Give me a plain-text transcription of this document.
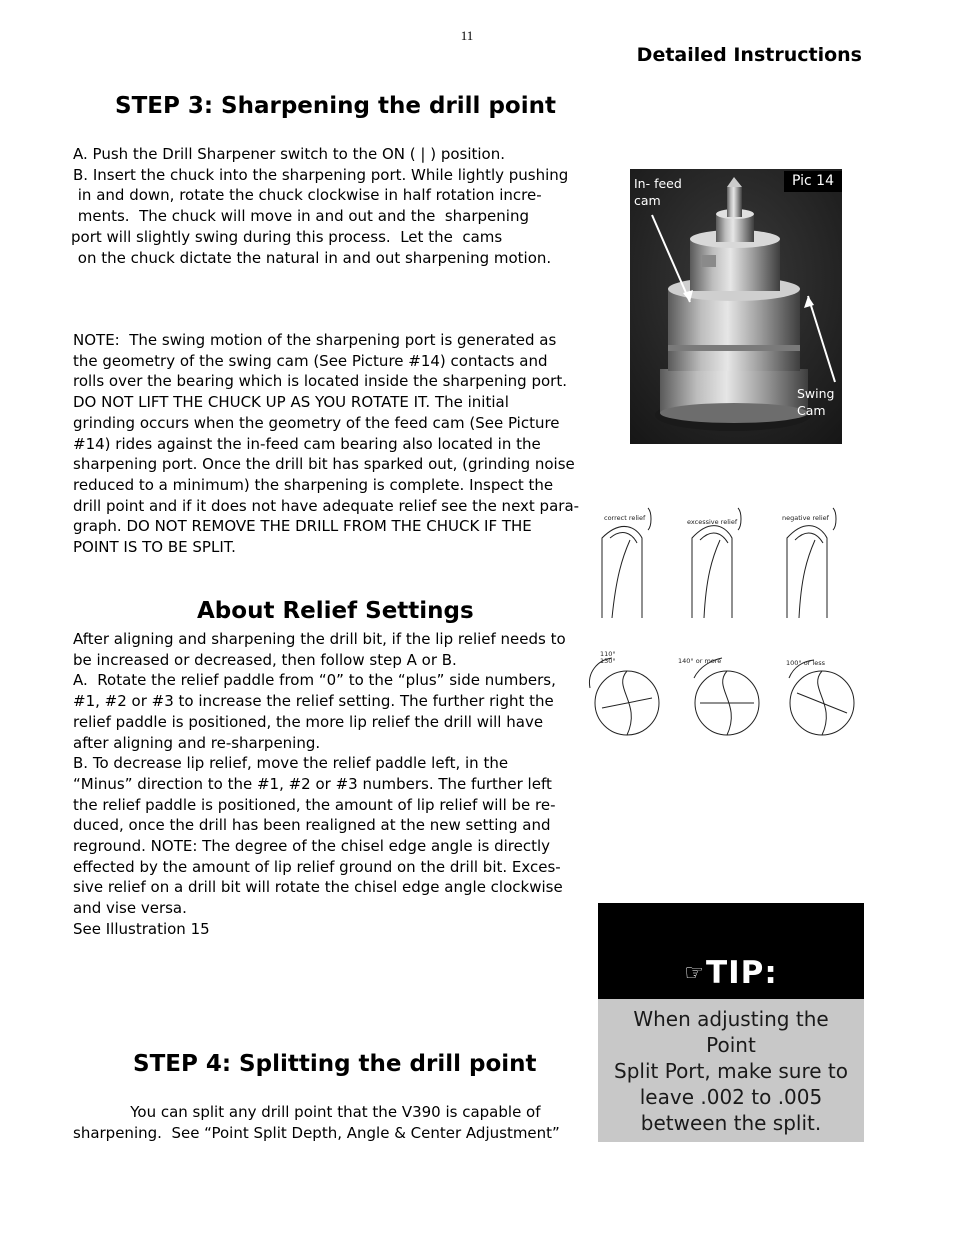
11
Detailed Instructions
STEP 3: Sharpening the drill point
A. Push the Drill Sharpener switch to the ON ( | ) position.
B. Insert the chuck into the sharpening port. While lightly pushing
in and down, rotate the chuck clockwise in half rotation incre-
ments.  The chuck will move in and out and the  sharpening
port will slightly swing during this process.  Let the  cams
on the chuck dictate the natural in and out sharpening motion.
NOTE:  The swing motion of the sharpening port is generated as
the geometry of the swing cam (See Picture #14) contacts and
rolls over the bearing which is located inside the sharpening port.
DO NOT LIFT THE CHUCK UP AS YOU ROTATE IT. The initial
grinding occurs when the geometry of the feed cam (See Picture
#14) rides against the in-feed cam bearing also located in the
sharpening port. Once the drill bit has sparked out, (grinding noise
reduced to a minimum) the sharpening is complete. Inspect the
drill point and if it does not have adequate relief see the next para-
graph. DO NOT REMOVE THE DRILL FROM THE CHUCK IF THE
POINT IS TO BE SPLIT.
About Relief Settings
After aligning and sharpening the drill bit, if the lip relief needs to
be increased or decreased, then follow step A or B.
A.  Rotate the relief paddle from “0” to the “plus” side numbers,
#1, #2 or #3 to increase the relief setting. The further right the
relief paddle is positioned, the more lip relief the drill will have
after aligning and re-sharpening.
B. To decrease lip relief, move the relief paddle left, in the
“Minus” direction to the #1, #2 or #3 numbers. The further left
the relief paddle is positioned, the amount of lip relief will be re-
duced, once the drill has been realigned at the new setting and
reground. NOTE: The degree of the chisel edge angle is directly
effected by the amount of lip relief ground on the drill bit. Exces-
sive relief on a drill bit will rotate the chisel edge angle clockwise
and vise versa.
See Illustration 15
STEP 4: Splitting the drill point
You can split any drill point that the V390 is capable of
sharpening.  See “Point Split Depth, Angle & Center Adjustment”
In- feed
cam
Pic 14
Swing
Cam
correct relief	excessive relief	negative relief
110°
130°	140° or more	100° or less
☞ TIP:
When adjusting the Point
Split Port, make sure to
leave .002 to .005
between the split.
